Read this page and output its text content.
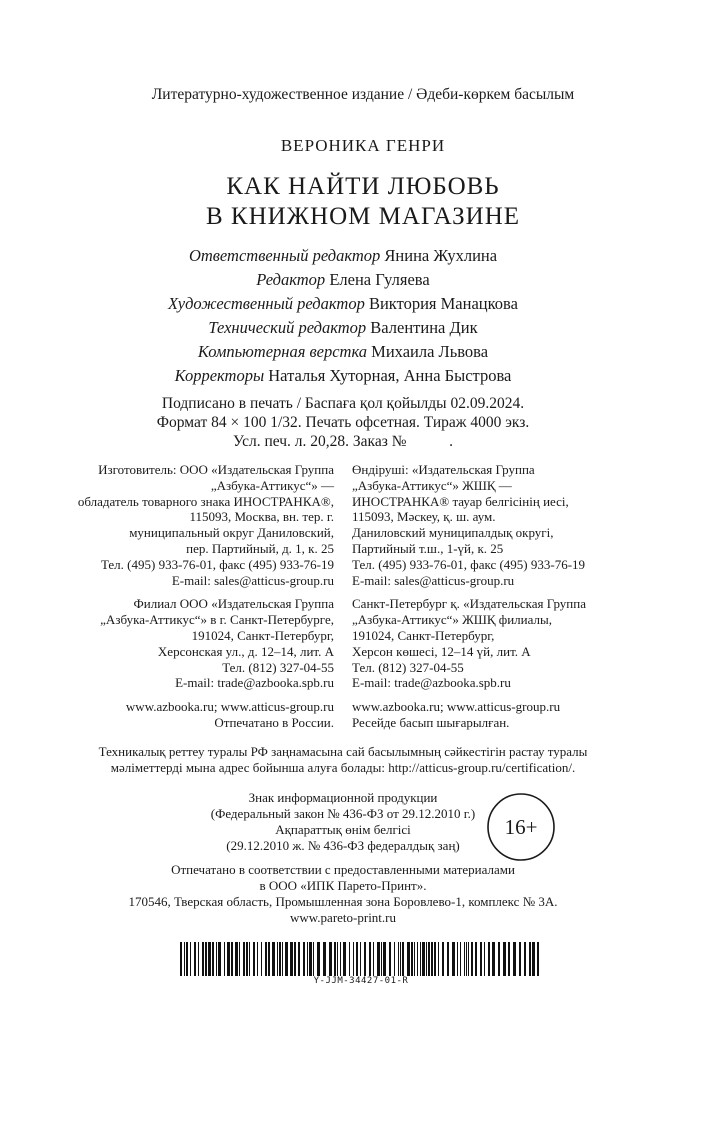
Литературно-художественное издание / Әдеби-көркем басылым
ВЕРОНИКА ГЕНРИ
КАК НАЙТИ ЛЮБОВЬ
В КНИЖНОМ МАГАЗИНЕ
Ответственный редактор Янина Жухлина
Редактор Елена Гуляева
Художественный редактор Виктория Манацкова
Технический редактор Валентина Дик
Компьютерная верстка Михаила Львова
Корректоры Наталья Хуторная, Анна Быстрова
Подписано в печать / Баспаға қол қойылды 02.09.2024.
Формат 84 × 100 1/32. Печать офсетная. Тираж 4000 экз.
Усл. печ. л. 20,28. Заказ №           .
Изготовитель: ООО «Издательская Группа
„Азбука-Аттикус“» —
обладатель товарного знака ИНОСТРАНКА®,
115093, Москва, вн. тер. г.
муниципальный округ Даниловский,
пер. Партийный, д. 1, к. 25
Тел. (495) 933-76-01, факс (495) 933-76-19
E-mail: sales@atticus-group.ru
Филиал ООО «Издательская Группа
„Азбука-Аттикус“» в г. Санкт-Петербурге,
191024, Санкт-Петербург,
Херсонская ул., д. 12–14, лит. А
Тел. (812) 327-04-55
E-mail: trade@azbooka.spb.ru
www.azbooka.ru; www.atticus-group.ru
Отпечатано в России.
Өндіруші: «Издательская Группа
„Азбука-Аттикус“» ЖШҚ —
ИНОСТРАНКА® тауар белгісінің иесі,
115093, Мәскеу, қ. ш. аум.
Даниловский муниципалдық округі,
Партийный т.ш., 1-үй, к. 25
Тел. (495) 933-76-01, факс (495) 933-76-19
E-mail: sales@atticus-group.ru
Санкт-Петербург қ. «Издательская Группа
„Азбука-Аттикус“» ЖШҚ филиалы,
191024, Санкт-Петербург,
Херсон көшесі, 12–14 үй, лит. А
Тел. (812) 327-04-55
E-mail: trade@azbooka.spb.ru
www.azbooka.ru; www.atticus-group.ru
Ресейде басып шығарылған.
Техникалық реттеу туралы РФ заңнамасына сай басылымның сәйкестігін растау туралы
мәліметтерді мына адрес бойынша алуға болады: http://atticus-group.ru/certification/.
Знак информационной продукции
(Федеральный закон № 436-ФЗ от 29.12.2010 г.)
Ақпараттық өнім белгісі
(29.12.2010 ж. № 436-ФЗ федералдық заң)
16+
Отпечатано в соответствии с предоставленными материалами
в ООО «ИПК Парето-Принт».
170546, Тверская область, Промышленная зона Боровлево-1, комплекс № 3А.
www.pareto-print.ru
Y-JJM-34427-01-R
